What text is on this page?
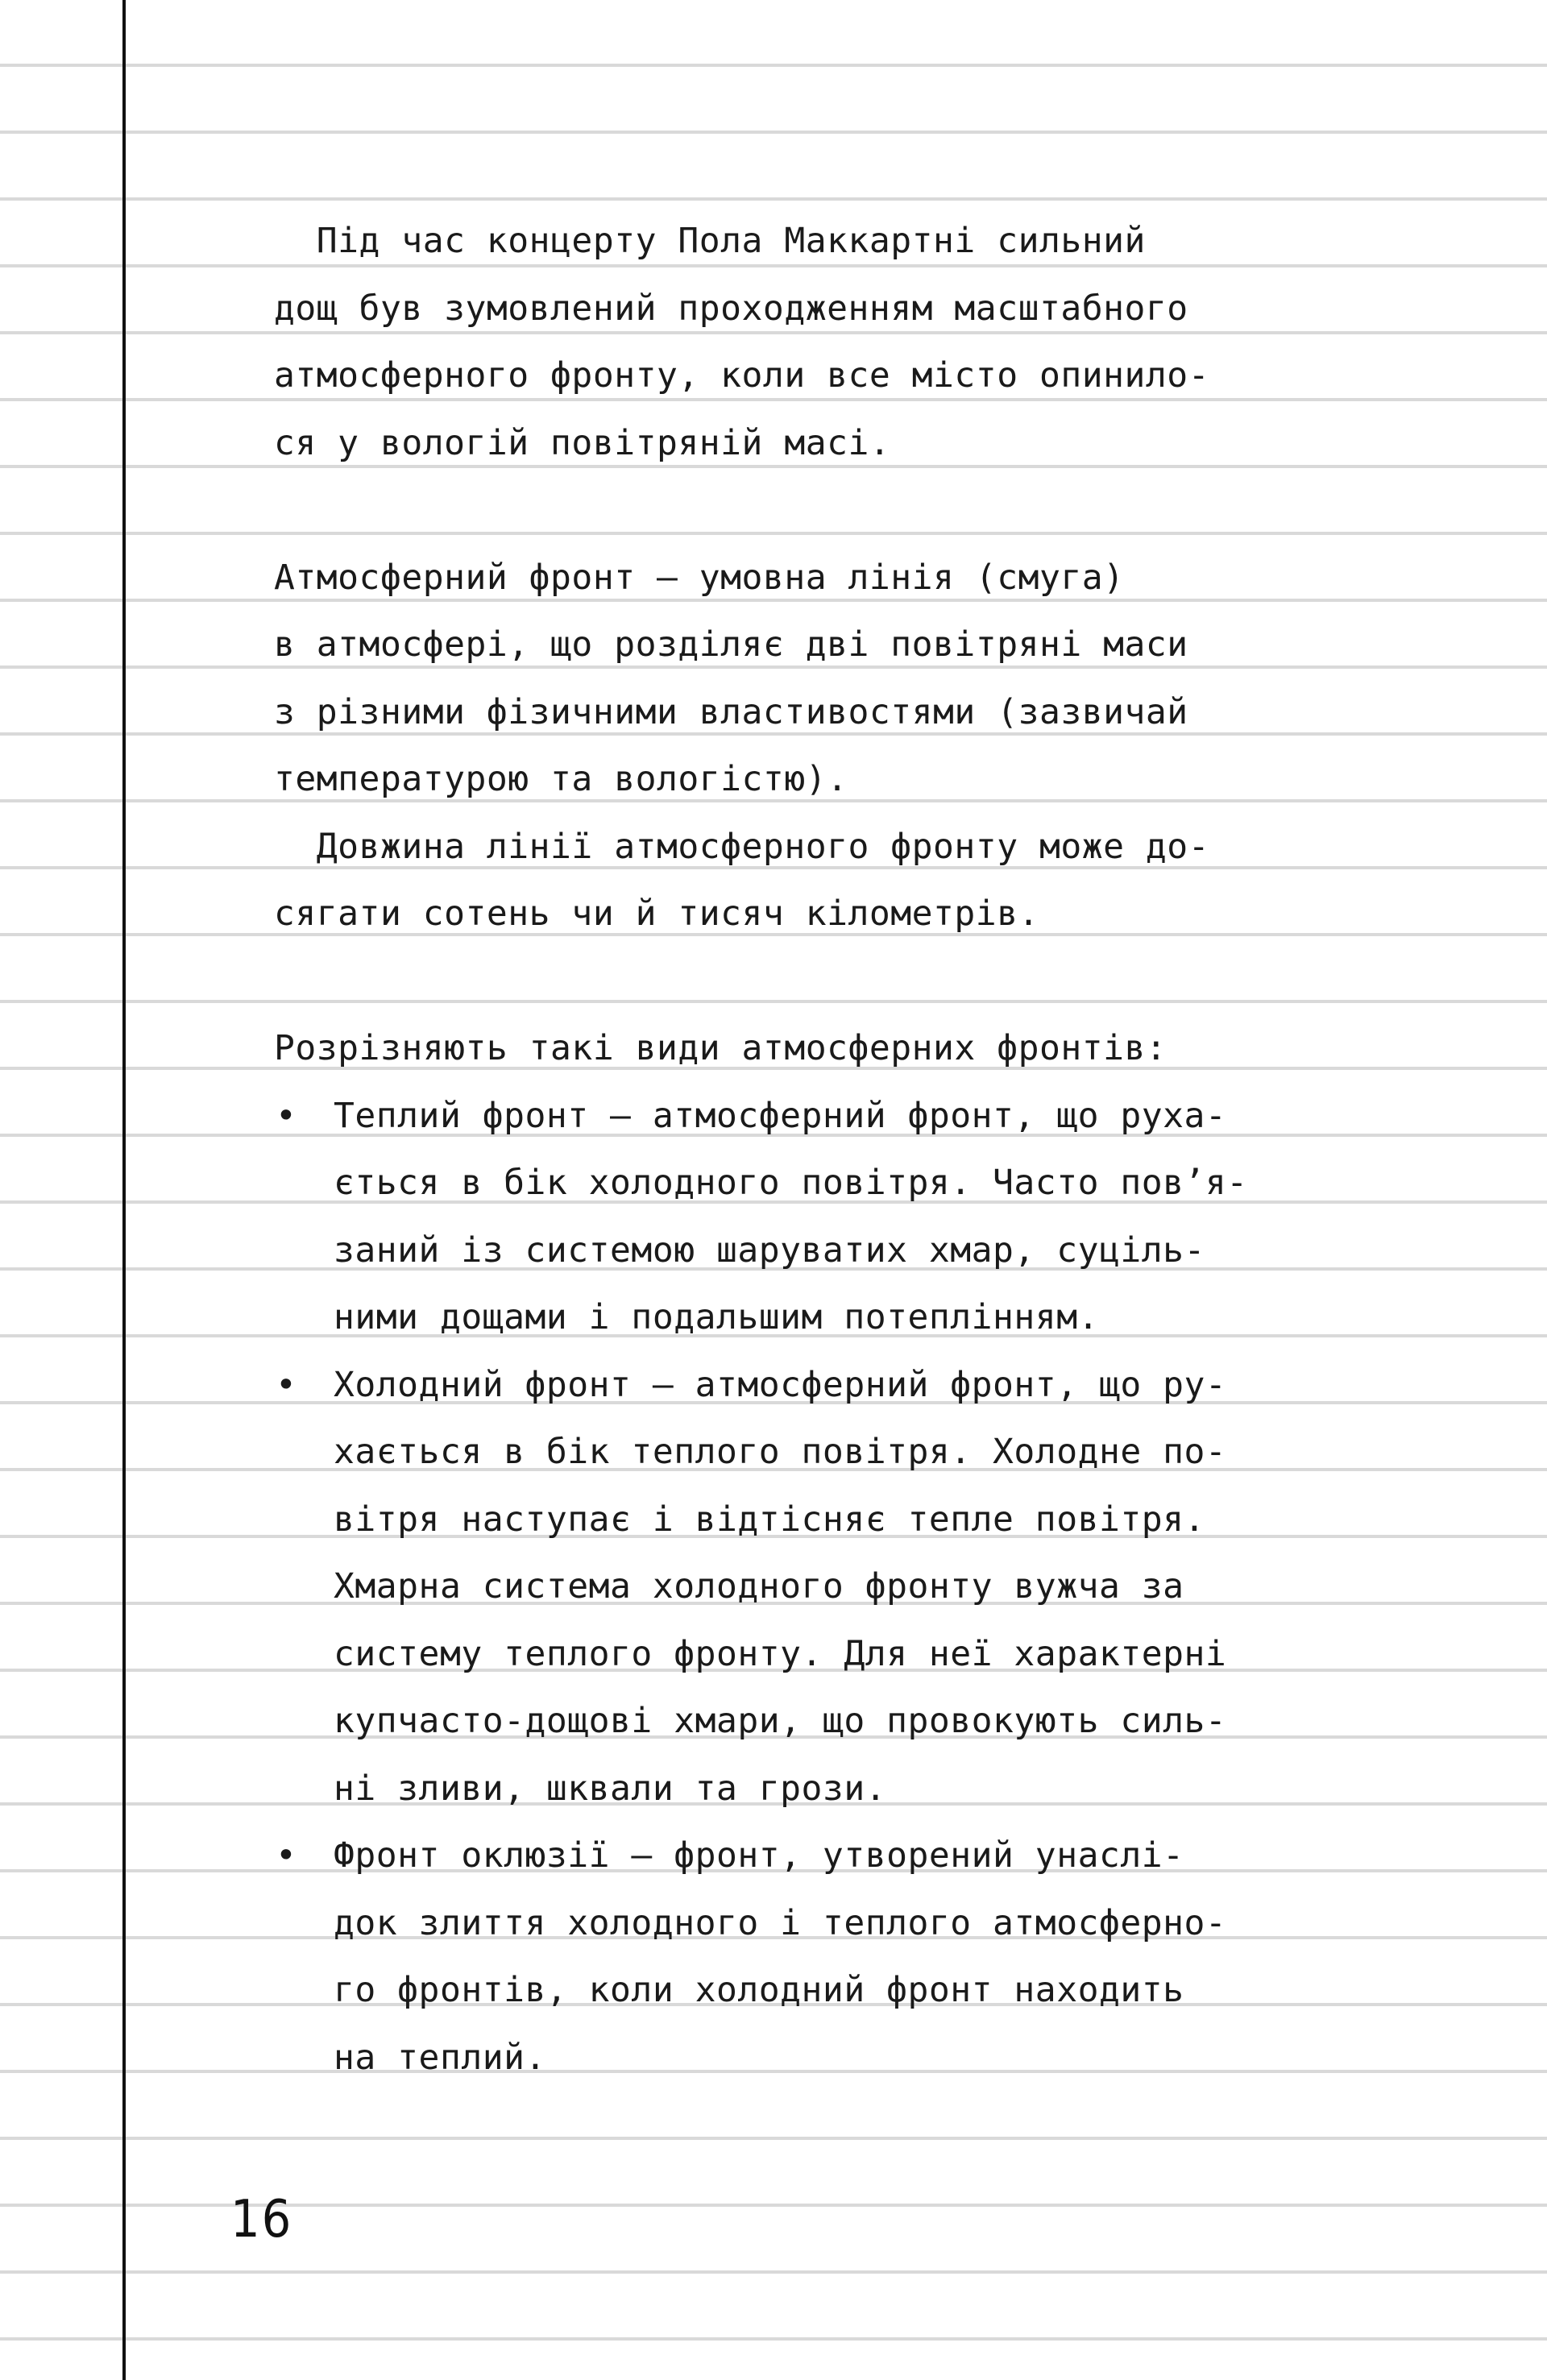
Під час концерту Пола Маккартні сильний
дощ був зумовлений проходженням масштабного
атмосферного фронту, коли все місто опинило-
ся у вологій повітряній масі.
Атмосферний фронт — умовна лінія (смуга)
в атмосфері, що розділяє дві повітряні маси
з різними фізичними властивостями (зазвичай
температурою та вологістю).
Довжина лінії атмосферного фронту може до-
сягати сотень чи й тисяч кілометрів.
Розрізняють такі види атмосферних фронтів:
• Теплий фронт — атмосферний фронт, що руха-
ється в бік холодного повітря. Часто пов’я-
заний із системою шаруватих хмар, суціль-
ними дощами і подальшим потеплінням.
• Холодний фронт — атмосферний фронт, що ру-
хається в бік теплого повітря. Холодне по-
вітря наступає і відтісняє тепле повітря.
Хмарна система холодного фронту вужча за
систему теплого фронту. Для неї характерні
купчасто-дощові хмари, що провокують силь-
ні зливи, шквали та грози.
• Фронт оклюзії — фронт, утворений унаслі-
док злиття холодного і теплого атмосферно-
го фронтів, коли холодний фронт находить
на теплий.
16
